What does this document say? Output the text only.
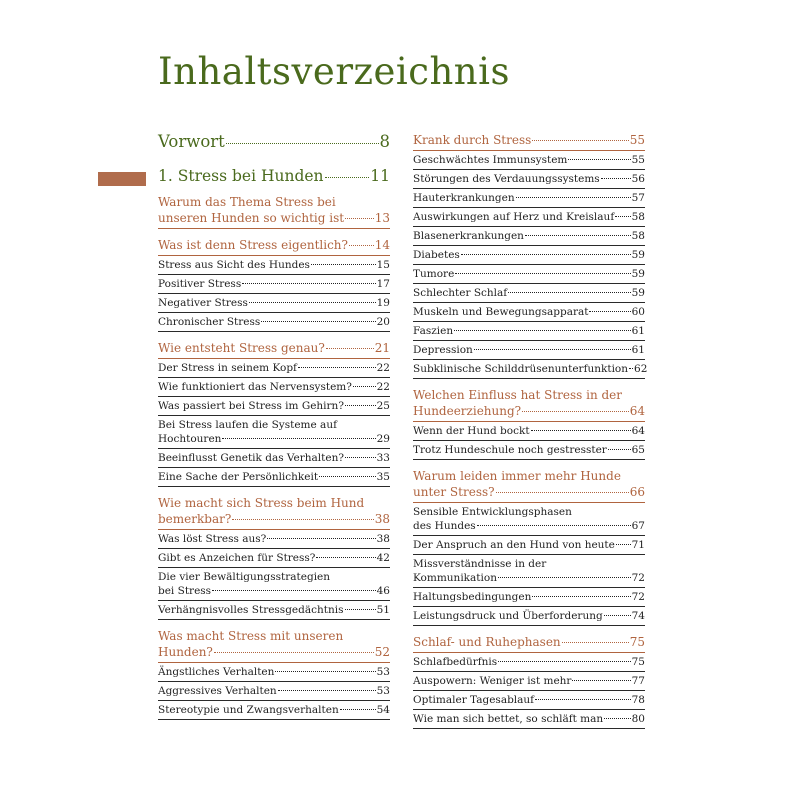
Inhaltsverzeichnis
Vorwort	8
1. Stress bei Hunden	11
Warum das Thema Stress bei
unseren Hunden so wichtig ist	13
Was ist denn Stress eigentlich? 14
Stress aus Sicht des Hundes	15
Positiver Stress	17
Negativer Stress	19
Chronischer Stress	20
Wie entsteht Stress genau?	21
Der Stress in seinem Kopf	22
Wie funktioniert das Nervensystem? 22
Was passiert bei Stress im Gehirn?	25
Bei Stress laufen die Systeme auf
Hochtouren	29
Beeinflusst Genetik das Verhalten?	33
Eine Sache der Persönlichkeit	35
Wie macht sich Stress beim Hund
bemerkbar?	38
Was löst Stress aus?	38
Gibt es Anzeichen für Stress?	42
Die vier Bewältigungsstrategien
bei Stress	46
Verhängnisvolles Stressgedächtnis	51
Was macht Stress mit unseren
Hunden?	52
Ängstliches Verhalten	53
Aggressives Verhalten	53
Stereotypie und Zwangsverhalten	54
Krank durch Stress	55
Geschwächtes Immunsystem	55
Störungen des Verdauungssystems	56
Hauterkrankungen	57
Auswirkungen auf Herz und Kreislauf 58
Blasenerkrankungen	58
Diabetes	59
Tumore	59
Schlechter Schlaf	59
Muskeln und Bewegungsapparat	60
Faszien	61
Depression	61
Subklinische Schilddrüsenunterfunktion 62
Welchen Einfluss hat Stress in der
Hundeerziehung?	64
Wenn der Hund bockt	64
Trotz Hundeschule noch gestresster 65
Warum leiden immer mehr Hunde
unter Stress?	66
Sensible Entwicklungsphasen
des Hundes	67
Der Anspruch an den Hund von heute 71
Missverständnisse in der
Kommunikation	72
Haltungsbedingungen	72
Leistungsdruck und Überforderung	74
Schlaf- und Ruhephasen	75
Schlafbedürfnis	75
Auspowern: Weniger ist mehr	77
Optimaler Tagesablauf	78
Wie man sich bettet, so schläft man	80
